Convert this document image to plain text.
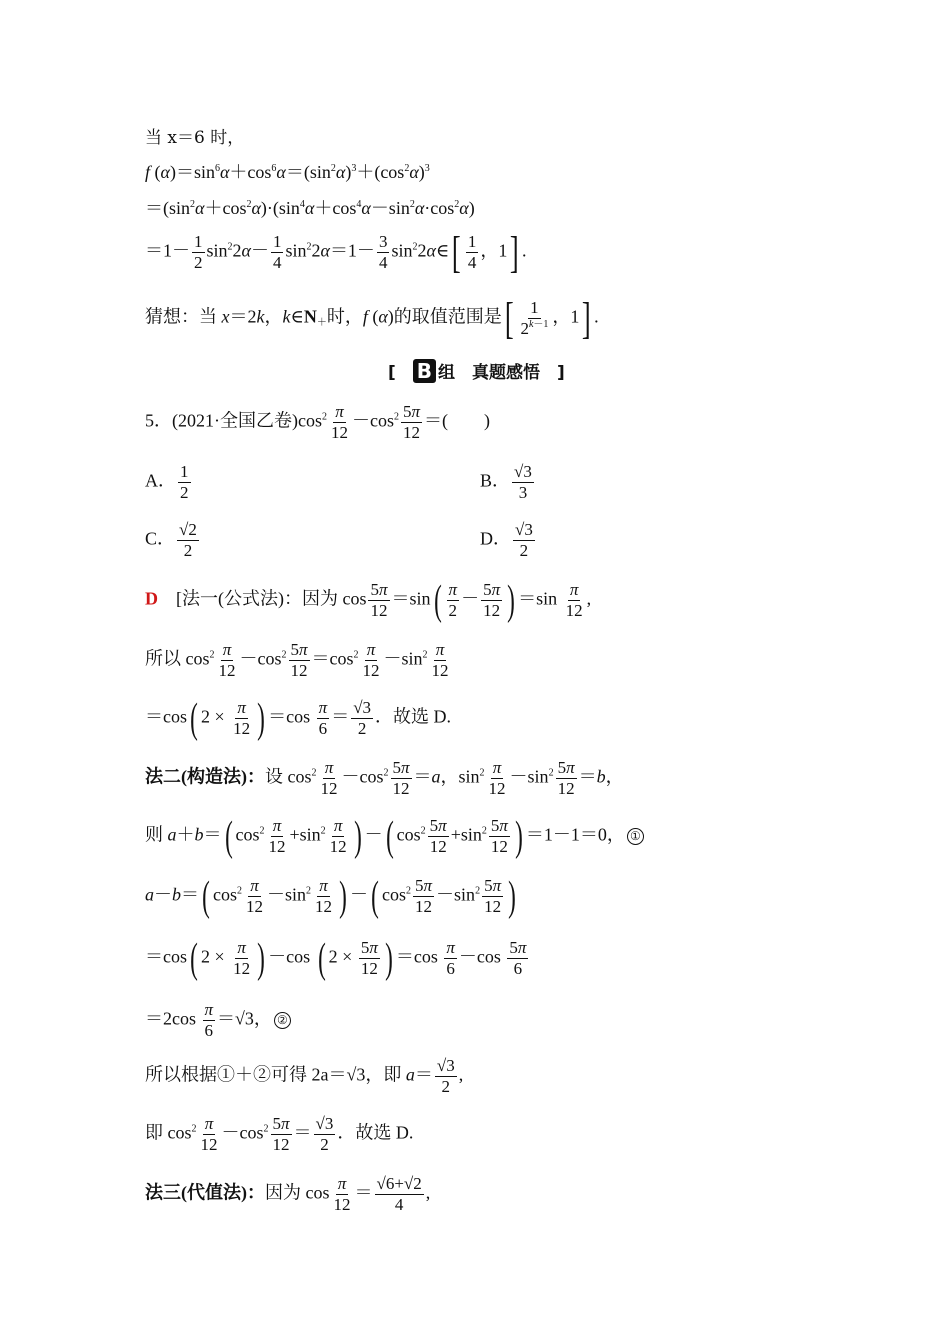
当 x＝6 时，
f $(\alpha)=\sin^6\alpha+\cos^6\alpha=(\sin^2\alpha)^3+(\cos^2\alpha)^3$
$=(\sin^2\alpha+\cos^2\alpha)\cdot(\sin^4\alpha+\cos^4\alpha-\sin^2\alpha\cdot\cos^2\alpha)$
$=1- \frac{1}{2} \sin^22\alpha- \frac{1}{4} \sin^22\alpha=1- \frac{3}{4}$ $\sin^22\alpha\in[ \frac{1}{4}$ ，1] .
猜想：当 x＝2k，$k\in N_+$时，f (α)的取值范围是[ $\frac{1}{2^{k-1}}$ ，1] .
[　B 组　真题感悟　]
5．(2021·全国乙卷)$\cos^2 \frac{\pi}{12} -\cos^2 \frac{5\pi}{12}$ ＝(　　)
A． $\frac{1}{2}$	B． $\frac{√3}{3}$
C． $\frac{√2}{2}$	D． $\frac{√3}{2}$
D　 [法一(公式法)：因为 $\cos \frac{5\pi}{12} =\sin( \frac{\pi}{2} - \frac{5\pi}{12}$ ) $=\sin \frac{\pi}{12}$ ,
所以 $\cos^2 \frac{\pi}{12} -\cos^2 \frac{5\pi}{12} =\cos^2 \frac{\pi}{12} -\sin^2 \frac{\pi}{12}$
＝cos( $2 \times \frac{\pi}{12}$ ) $=\cos \frac{\pi}{6} = \frac{√3}{2}$ ．故选 D.
法二(构造法)：设 $\cos^2 \frac{\pi}{12} -\cos^2 \frac{5\pi}{12} =a$，$\sin^2 \frac{\pi}{12} -\sin^2 \frac{5\pi}{12} =b$，
则 a＋b＝( $\cos^2 \frac{\pi}{12} +\sin^2 \frac{\pi}{12}$ ) －( $\cos^2 \frac{5\pi}{12} +\sin^2 \frac{5\pi}{12}$ ) ＝1－1＝0， ①
a－b＝( $\cos^2 \frac{\pi}{12} -\sin^2 \frac{\pi}{12}$ ) －( $\cos^2 \frac{5\pi}{12} -\sin^2 \frac{5\pi}{12}$ )
＝cos( $2 \times \frac{\pi}{12}$ ) －cos ( $2 \times \frac{5\pi}{12}$ ) $=\cos \frac{\pi}{6} -\cos \frac{5\pi}{6}$
$=2\cos \frac{\pi}{6} =√3$， ②
所以根据①＋②可得 2a＝√3，即 $a= \frac{√3}{2}$ ,
即 $\cos^2 \frac{\pi}{12} -\cos^2 \frac{5\pi}{12} = \frac{√3}{2}$ ．故选 D.
法三(代值法)：因为 $\cos \frac{\pi}{12} = \frac{√6+√2}{4}$ ,
